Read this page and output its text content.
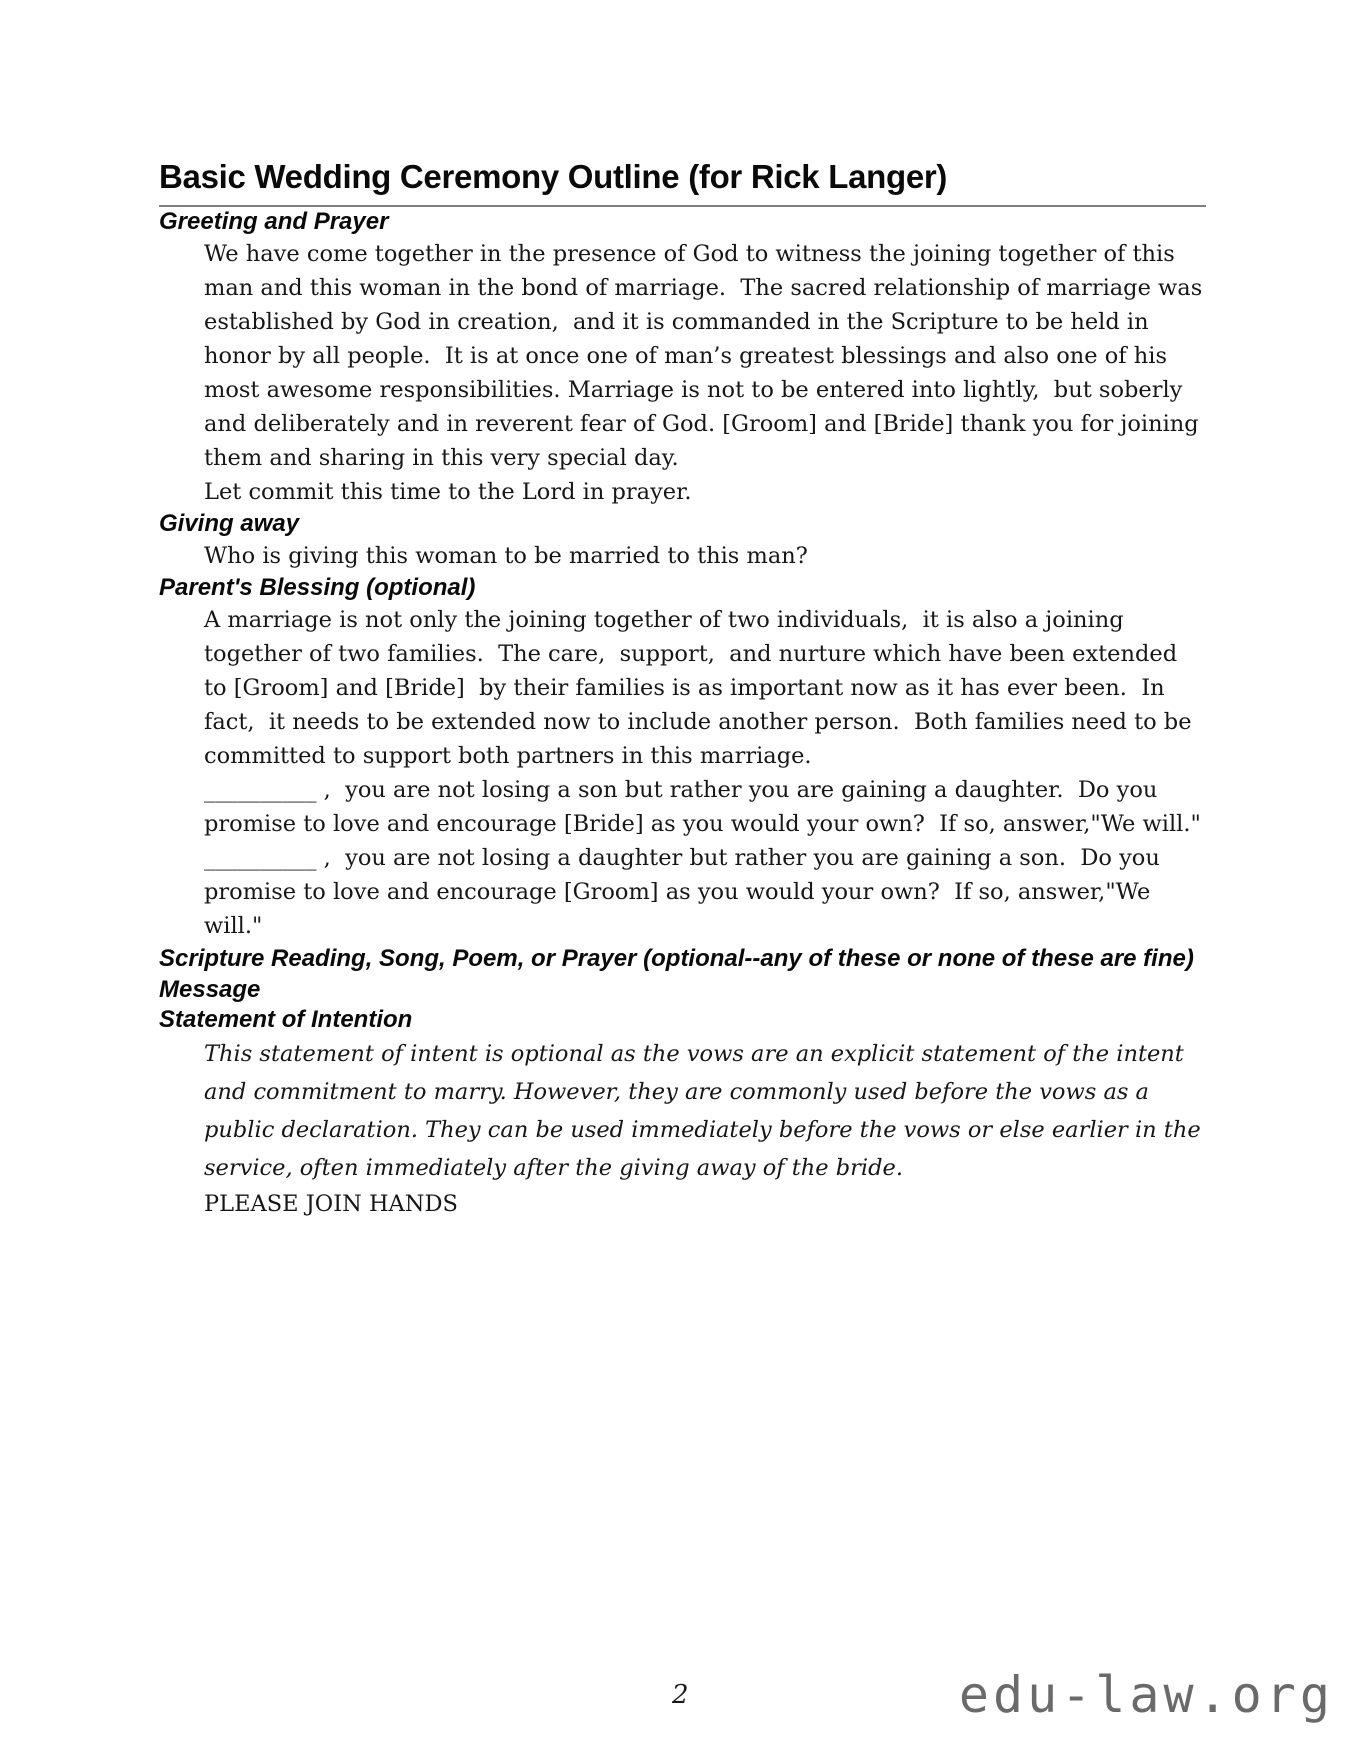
Basic Wedding Ceremony Outline (for Rick Langer)
Greeting and Prayer

We have come together in the presence of God to witness the joining together of this man and this woman in the bond of marriage.  The sacred relationship of marriage was established by God in creation,  and it is commanded in the Scripture to be held in honor by all people.  It is at once one of man’s greatest blessings and also one of his most awesome responsibilities. Marriage is not to be entered into lightly,  but soberly and deliberately and in reverent fear of God. [Groom] and [Bride] thank you for joining them and sharing in this very special day.

Let commit this time to the Lord in prayer.

Giving away

Who is giving this woman to be married to this man?

Parent's Blessing (optional)

A marriage is not only the joining together of two individuals,  it is also a joining together of two families.  The care,  support,  and nurture which have been extended to [Groom] and [Bride]  by their families is as important now as it has ever been.  In fact,  it needs to be extended now to include another person.  Both families need to be committed to support both partners in this marriage.

__________ ,  you are not losing a son but rather you are gaining a daughter.  Do you promise to love and encourage [Bride] as you would your own?  If so, answer,"We will."

__________ ,  you are not losing a daughter but rather you are gaining a son.  Do you promise to love and encourage [Groom] as you would your own?  If so, answer,"We will."

Scripture Reading, Song, Poem, or Prayer (optional--any of these or none of these are fine)
Message
Statement of Intention

This statement of intent is optional as the vows are an explicit statement of the intent and commitment to marry. However, they are commonly used before the vows as a public declaration. They can be used immediately before the vows or else earlier in the service, often immediately after the giving away of the bride.

PLEASE JOIN HANDS

2	edu-law.org
